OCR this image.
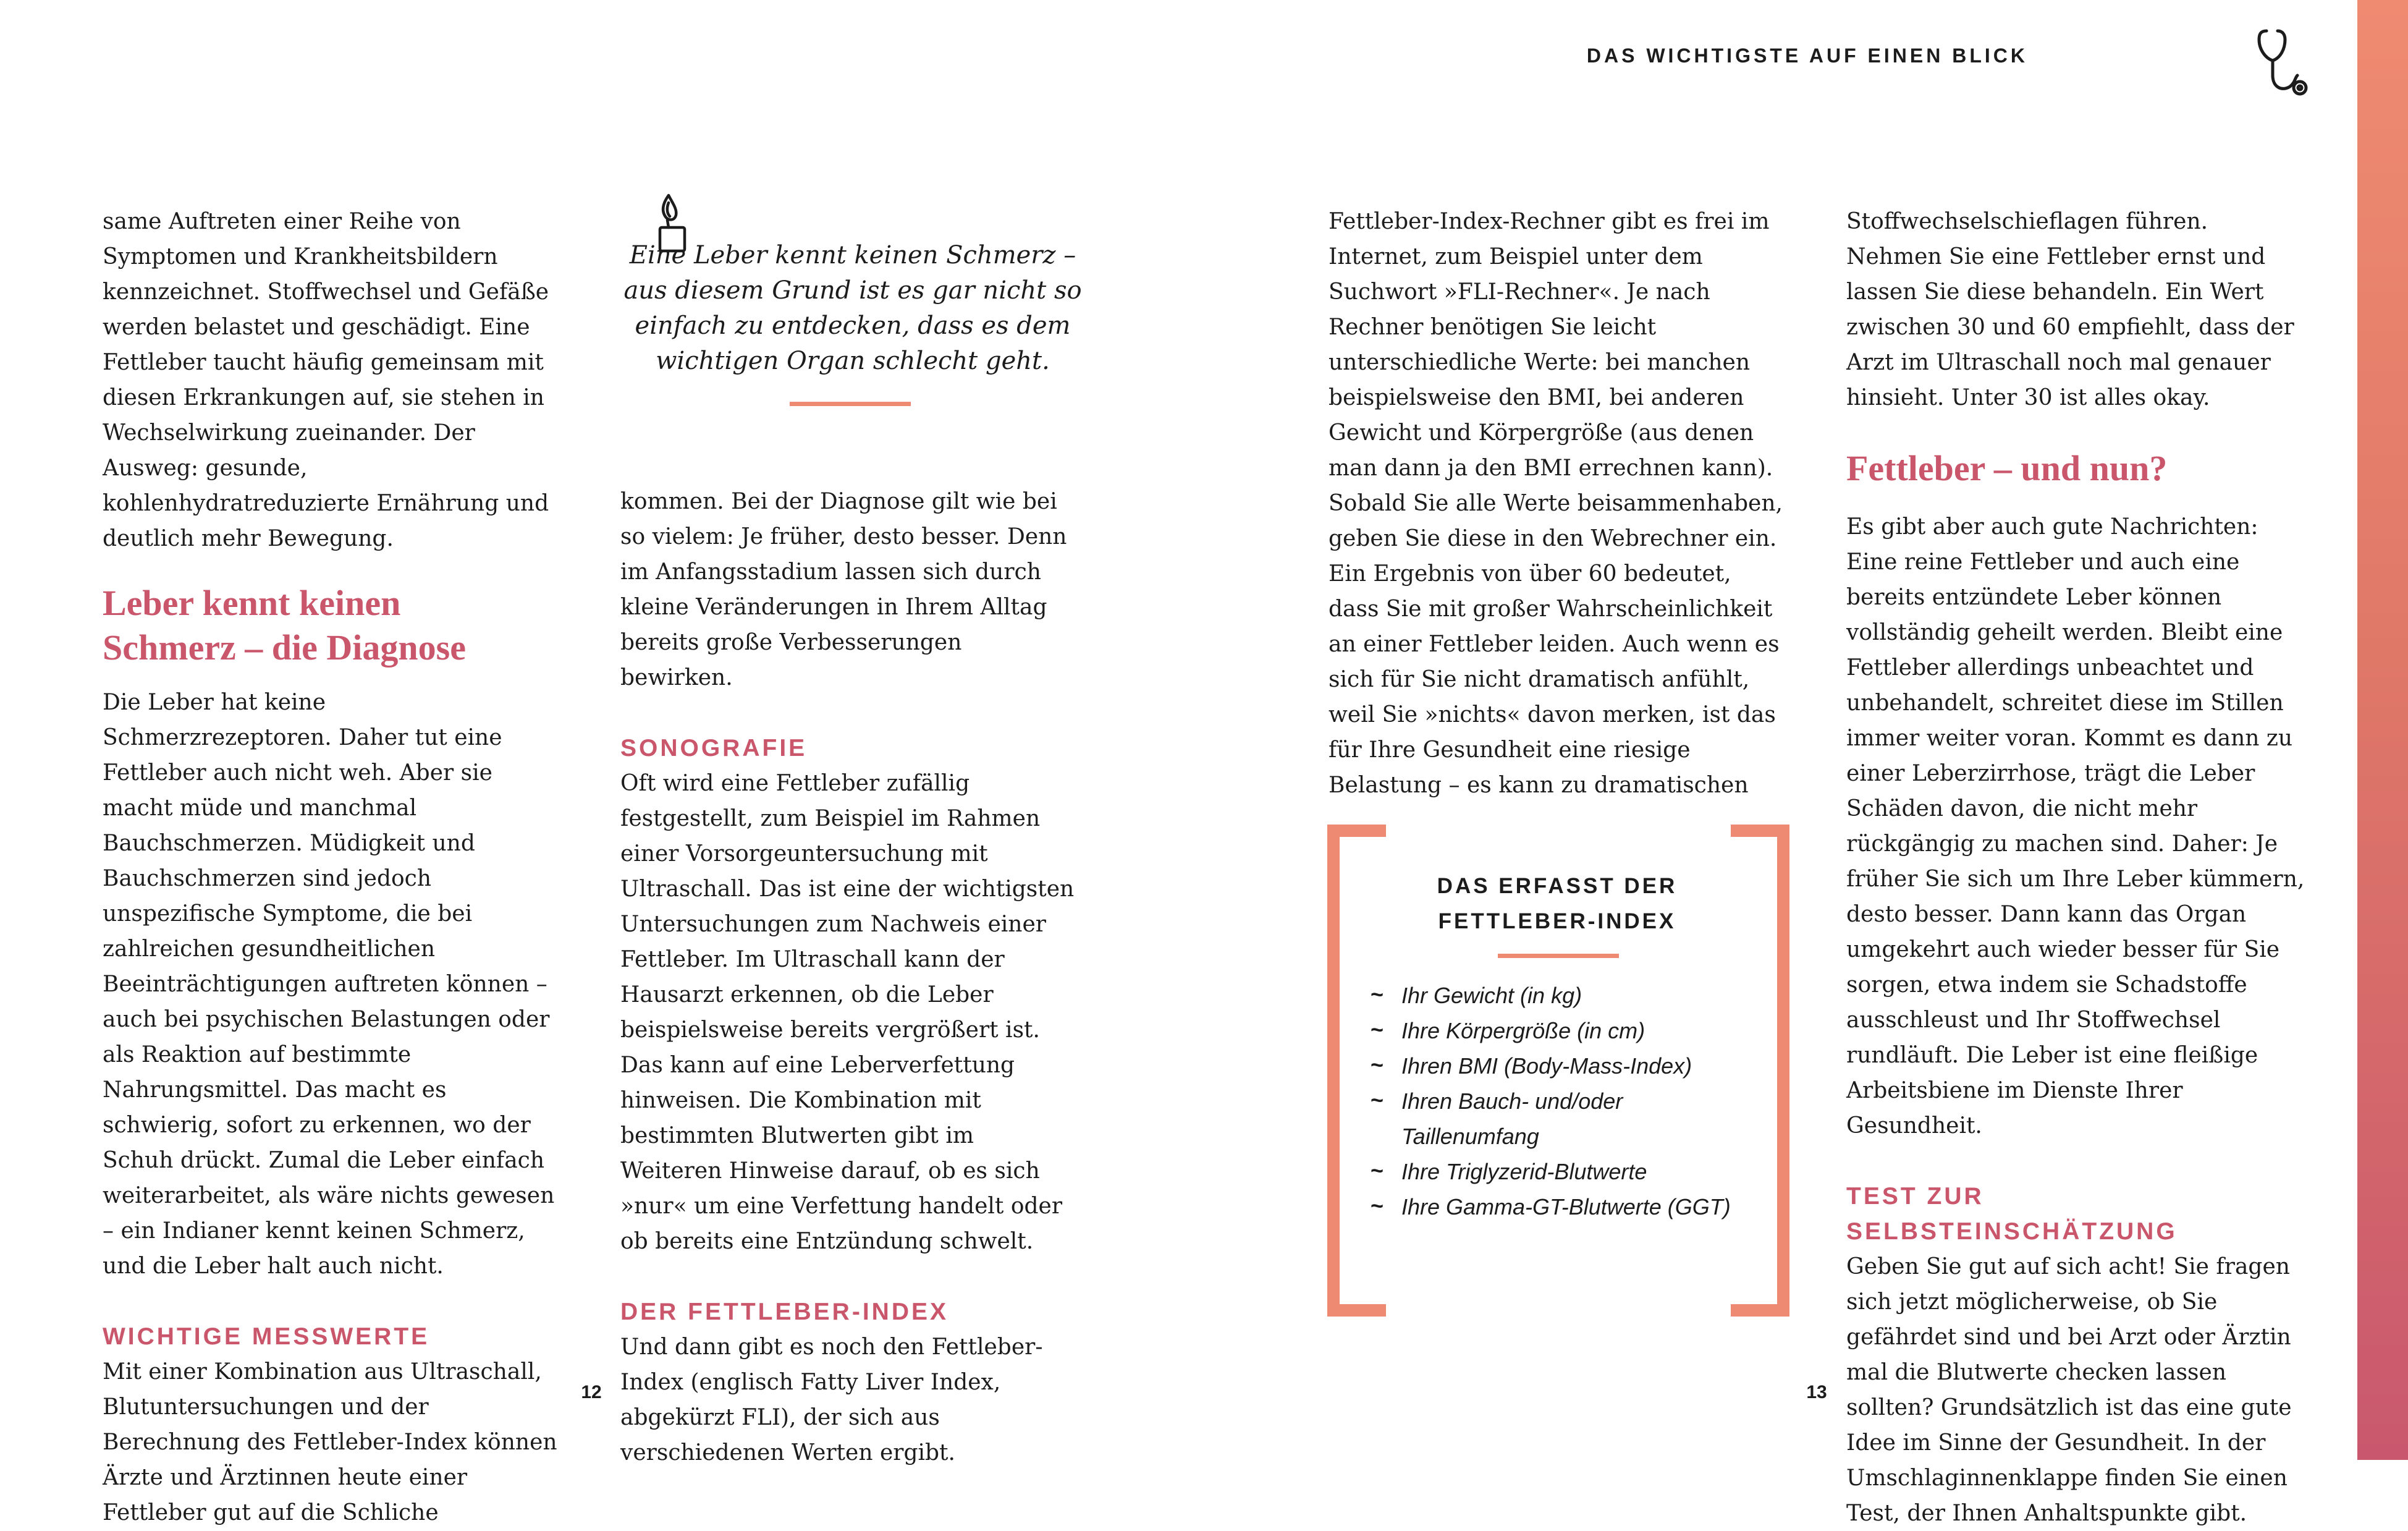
DAS WICHTIGSTE AUF EINEN BLICK

same Auftreten einer Reihe von Symptomen und Krankheitsbildern kennzeichnet. Stoffwechsel und Gefäße werden belastet und geschädigt. Eine Fettleber taucht häufig gemeinsam mit diesen Erkrankungen auf, sie stehen in Wechselwirkung zueinander. Der Ausweg: gesunde, kohlenhydratreduzierte Ernährung und deutlich mehr Bewegung.

Leber kennt keinen Schmerz – die Diagnose

Die Leber hat keine Schmerzrezeptoren. Daher tut eine Fettleber auch nicht weh. Aber sie macht müde und manchmal Bauchschmerzen. Müdigkeit und Bauchschmerzen sind jedoch unspezifische Symptome, die bei zahlreichen gesundheitlichen Beeinträchtigungen auftreten können – auch bei psychischen Belastungen oder als Reaktion auf bestimmte Nahrungsmittel. Das macht es schwierig, sofort zu erkennen, wo der Schuh drückt. Zumal die Leber einfach weiterarbeitet, als wäre nichts gewesen – ein Indianer kennt keinen Schmerz, und die Leber halt auch nicht.

WICHTIGE MESSWERTE

Mit einer Kombination aus Ultraschall, Blutuntersuchungen und der Berechnung des Fettleber-Index können Ärzte und Ärztinnen heute einer Fettleber gut auf die Schliche

Eine Leber kennt keinen Schmerz – aus diesem Grund ist es gar nicht so einfach zu entdecken, dass es dem wichtigen Organ schlecht geht.

kommen. Bei der Diagnose gilt wie bei so vielem: Je früher, desto besser. Denn im Anfangsstadium lassen sich durch kleine Veränderungen in Ihrem Alltag bereits große Verbesserungen bewirken.

SONOGRAFIE

Oft wird eine Fettleber zufällig festgestellt, zum Beispiel im Rahmen einer Vorsorgeuntersuchung mit Ultraschall. Das ist eine der wichtigsten Untersuchungen zum Nachweis einer Fettleber. Im Ultraschall kann der Hausarzt erkennen, ob die Leber beispielsweise bereits vergrößert ist. Das kann auf eine Leberverfettung hinweisen. Die Kombination mit bestimmten Blutwerten gibt im Weiteren Hinweise darauf, ob es sich »nur« um eine Verfettung handelt oder ob bereits eine Entzündung schwelt.

DER FETTLEBER-INDEX

Und dann gibt es noch den Fettleber-Index (englisch Fatty Liver Index, abgekürzt FLI), der sich aus verschiedenen Werten ergibt.

Fettleber-Index-Rechner gibt es frei im Internet, zum Beispiel unter dem Suchwort »FLI-Rechner«. Je nach Rechner benötigen Sie leicht unterschiedliche Werte: bei manchen beispielsweise den BMI, bei anderen Gewicht und Körpergröße (aus denen man dann ja den BMI errechnen kann). Sobald Sie alle Werte beisammenhaben, geben Sie diese in den Webrechner ein.

Ein Ergebnis von über 60 bedeutet, dass Sie mit großer Wahrscheinlichkeit an einer Fettleber leiden. Auch wenn es sich für Sie nicht dramatisch anfühlt, weil Sie »nichts« davon merken, ist das für Ihre Gesundheit eine riesige Belastung – es kann zu dramatischen

DAS ERFASST DER

FETTLEBER-INDEX

~ Ihr Gewicht (in kg)
~ Ihre Körpergröße (in cm)
~ Ihren BMI (Body-Mass-Index)
~ Ihren Bauch- und/oder Taillenumfang
~ Ihre Triglyzerid-Blutwerte
~ Ihre Gamma-GT-Blutwerte (GGT)

Stoffwechselschieflagen führen. Nehmen Sie eine Fettleber ernst und lassen Sie diese behandeln. Ein Wert zwischen 30 und 60 empfiehlt, dass der Arzt im Ultraschall noch mal genauer hinsieht. Unter 30 ist alles okay.

Fettleber – und nun?

Es gibt aber auch gute Nachrichten: Eine reine Fettleber und auch eine bereits entzündete Leber können vollständig geheilt werden. Bleibt eine Fettleber allerdings unbeachtet und unbehandelt, schreitet diese im Stillen immer weiter voran. Kommt es dann zu einer Leberzirrhose, trägt die Leber Schäden davon, die nicht mehr rückgängig zu machen sind. Daher: Je früher Sie sich um Ihre Leber kümmern, desto besser. Dann kann das Organ umgekehrt auch wieder besser für Sie sorgen, etwa indem sie Schadstoffe ausschleust und Ihr Stoffwechsel rundläuft. Die Leber ist eine fleißige Arbeitsbiene im Dienste Ihrer Gesundheit.

TEST ZUR SELBSTEINSCHÄTZUNG

Geben Sie gut auf sich acht! Sie fragen sich jetzt möglicherweise, ob Sie gefährdet sind und bei Arzt oder Ärztin mal die Blutwerte checken lassen sollten? Grundsätzlich ist das eine gute Idee im Sinne der Gesundheit. In der Umschlaginnenklappe finden Sie einen Test, der Ihnen Anhaltspunkte gibt.

12	13
